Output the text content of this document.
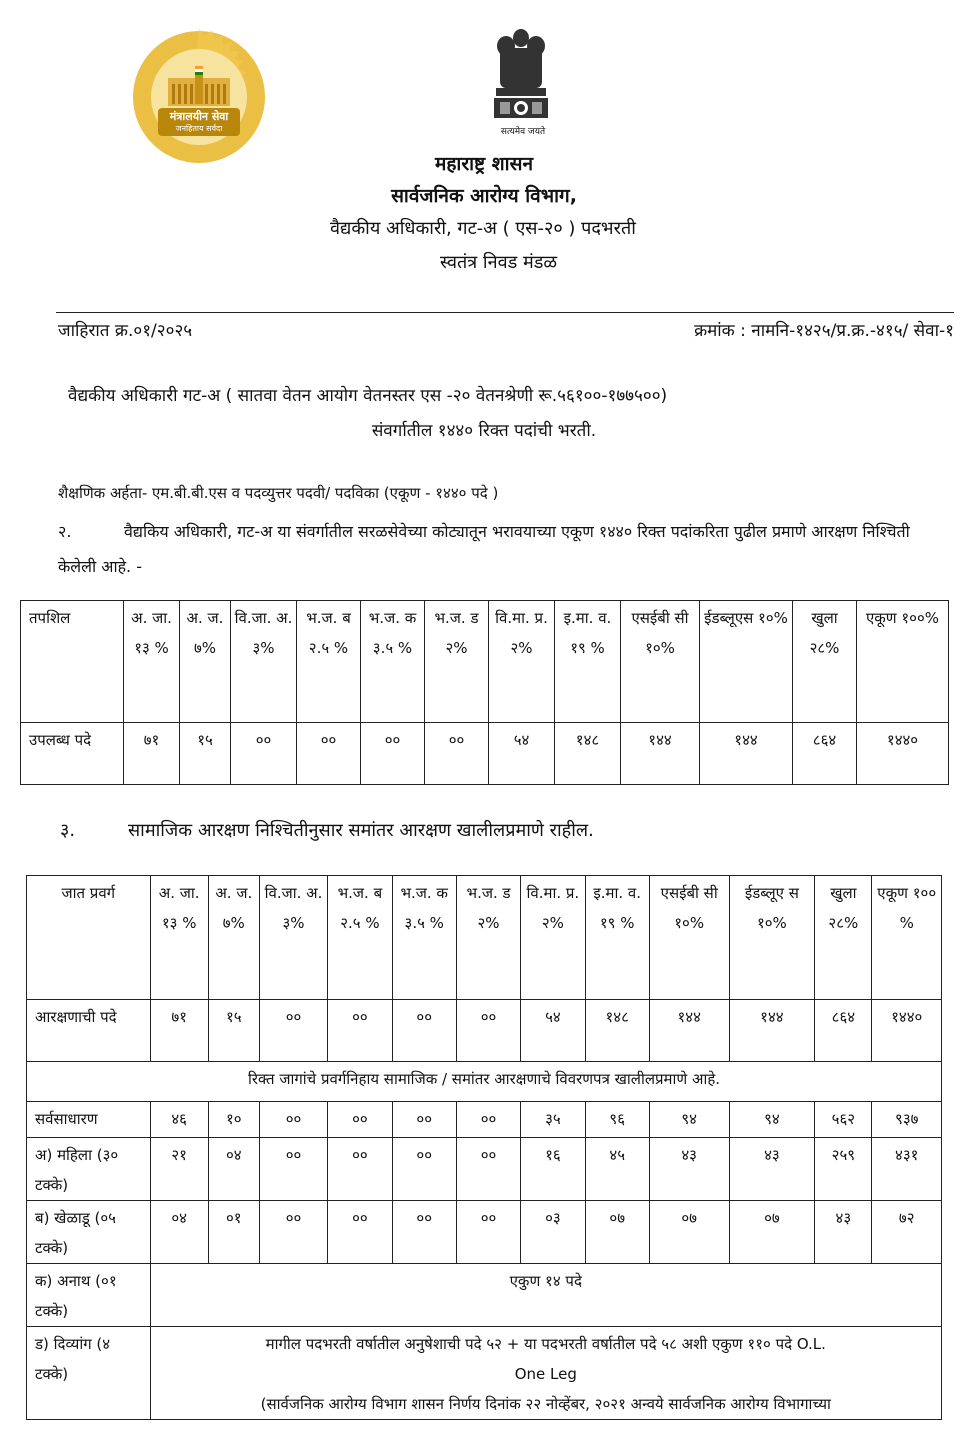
मंत्रालयीन सेवा
जनहिताय सर्वदा	सत्यमेव जयते
महाराष्ट्र शासन
सार्वजनिक आरोग्य विभाग,
वैद्यकीय अधिकारी, गट-अ ( एस-२० ) पदभरती
स्वतंत्र निवड मंडळ
जाहिरात क्र.०१/२०२५	क्रमांक : नामनि-१४२५/प्र.क्र.-४१५/ सेवा-१
वैद्यकीय अधिकारी गट-अ ( सातवा वेतन आयोग वेतनस्तर एस -२० वेतनश्रेणी रू.५६१००-१७७५००)
संवर्गातील १४४० रिक्त पदांची भरती.
शैक्षणिक अर्हता- एम.बी.बी.एस व पदव्युत्तर पदवी/ पदविका (एकूण - १४४० पदे )
२.	वैद्यकिय अधिकारी, गट-अ या संवर्गातील सरळसेवेच्या कोट्यातून भरावयाच्या एकूण १४४० रिक्त पदांकरिता पुढील प्रमाणे आरक्षण निश्चिती केलेली आहे. -
तपशिल	अ. जा. १३ %	अ. ज. ७%	वि.जा. अ. ३%	भ.ज. ब २.५ %	भ.ज. क ३.५ %	भ.ज. ड २%	वि.मा. प्र. २%	इ.मा. व. १९ %	एसईबी सी १०%	ईडब्लूएस १०%	खुला २८%	एकूण १००%
उपलब्ध पदे	७१	१५	००	००	००	००	५४	१४८	१४४	१४४	८६४	१४४०
३.	सामाजिक आरक्षण निश्चितीनुसार समांतर आरक्षण खालीलप्रमाणे राहील.
जात प्रवर्ग	अ. जा. १३ %	अ. ज. ७%	वि.जा. अ. ३%	भ.ज. ब २.५ %	भ.ज. क ३.५ %	भ.ज. ड २%	वि.मा. प्र. २%	इ.मा. व. १९ %	एसईबी सी १०%	ईडब्लूए स १०%	खुला २८%	एकूण १०० %
आरक्षणाची पदे	७१	१५	००	००	००	००	५४	१४८	१४४	१४४	८६४	१४४०
रिक्त जागांचे प्रवर्गनिहाय सामाजिक / समांतर आरक्षणाचे विवरणपत्र खालीलप्रमाणे आहे.												
सर्वसाधारण	४६	१०	००	००	००	००	३५	९६	९४	९४	५६२	९३७
अ) महिला (३० टक्के)	२१	०४	००	००	००	००	१६	४५	४३	४३	२५९	४३१
ब) खेळाडू (०५ टक्के)	०४	०१	००	००	००	००	०३	०७	०७	०७	४३	७२
क) अनाथ (०१ टक्के)	एकुण १४ पदे											
ड) दिव्यांग (४ टक्के)	मागील पदभरती वर्षातील अनुषेशाची पदे ५२ + या पदभरती वर्षातील पदे ५८ अशी एकुण ११० पदे O.L.
One Leg
(सार्वजनिक आरोग्य विभाग शासन निर्णय दिनांक २२ नोव्हेंबर, २०२१ अन्वये सार्वजनिक आरोग्य विभागाच्या											
